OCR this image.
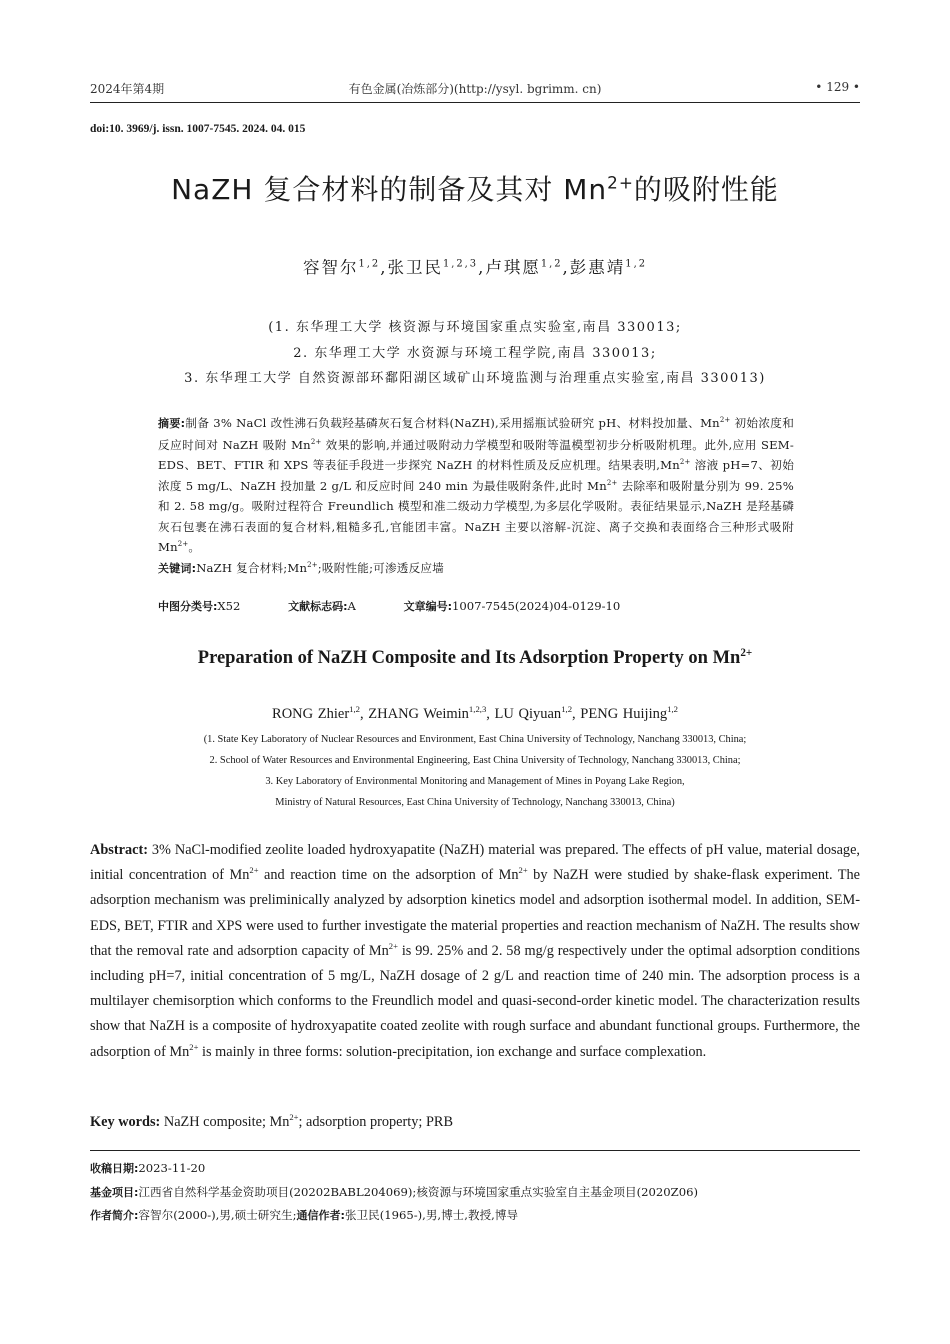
2024年第4期	有色金属(冶炼部分)(http://ysyl. bgrimm. cn)	• 129 •
doi:10. 3969/j. issn. 1007-7545. 2024. 04. 015
NaZH 复合材料的制备及其对 $Mn^{2+}$的吸附性能
容智尔$^{1,2}$,张卫民$^{1,2,3}$,卢琪愿$^{1,2}$,彭惠靖$^{1,2}$
(1. 东华理工大学 核资源与环境国家重点实验室,南昌 330013;
2. 东华理工大学 水资源与环境工程学院,南昌 330013;
3. 东华理工大学 自然资源部环鄱阳湖区域矿山环境监测与治理重点实验室,南昌 330013)
摘要:制备 3% NaCl 改性沸石负载羟基磷灰石复合材料(NaZH),采用摇瓶试验研究 pH、材料投加量、$Mn^{2+}$ 初始浓度和反应时间对 NaZH 吸附 $Mn^{2+}$ 效果的影响,并通过吸附动力学模型和吸附等温模型初步分析吸附机理。此外,应用 SEM-EDS、BET、FTIR 和 XPS 等表征手段进一步探究 NaZH 的材料性质及反应机理。结果表明$,Mn^{2+}$ 溶液 pH=7、初始浓度 5 mg/L、NaZH 投加量 2 g/L 和反应时间 240 min 为最佳吸附条件,此时 $Mn^{2+}$ 去除率和吸附量分别为 99. 25% 和 2. 58 mg/g。吸附过程符合 Freundlich 模型和准二级动力学模型,为多层化学吸附。表征结果显示,NaZH 是羟基磷灰石包裹在沸石表面的复合材料,粗糙多孔,官能团丰富。NaZH 主要以溶解-沉淀、离子交换和表面络合三种形式吸附 $Mn^{2+}$。
关键词:NaZH 复合材料$;Mn^{2+}$;吸附性能;可渗透反应墙
中图分类号:X52	文献标志码:A	文章编号:1007-7545(2024)04-0129-10
Preparation of NaZH Composite and Its Adsorption Property on $Mn^{2+}$
RONG Zhier$^{1,2}$, ZHANG Weimin$^{1,2,3}$, LU Qiyuan$^{1,2}$, PENG Huijing$^{1,2}$
(1. State Key Laboratory of Nuclear Resources and Environment, East China University of Technology, Nanchang 330013, China;
2. School of Water Resources and Environmental Engineering, East China University of Technology, Nanchang 330013, China;
3. Key Laboratory of Environmental Monitoring and Management of Mines in Poyang Lake Region,
Ministry of Natural Resources, East China University of Technology, Nanchang 330013, China)
Abstract: 3% NaCl-modified zeolite loaded hydroxyapatite (NaZH) material was prepared. The effects of pH value, material dosage, initial concentration of $Mn^{2+}$ and reaction time on the adsorption of $Mn^{2+}$ by NaZH were studied by shake-flask experiment. The adsorption mechanism was preliminically analyzed by adsorption kinetics model and adsorption isothermal model. In addition, SEM-EDS, BET, FTIR and XPS were used to further investigate the material properties and reaction mechanism of NaZH. The results show that the removal rate and adsorption capacity of $Mn^{2+}$ is 99. 25% and 2. 58 mg/g respectively under the optimal adsorption conditions including pH=7, initial concentration of 5 mg/L, NaZH dosage of 2 g/L and reaction time of 240 min. The adsorption process is a multilayer chemisorption which conforms to the Freundlich model and quasi-second-order kinetic model. The characterization results show that NaZH is a composite of hydroxyapatite coated zeolite with rough surface and abundant functional groups. Furthermore, the adsorption of $Mn^{2+}$ is mainly in three forms: solution-precipitation, ion exchange and surface complexation.
Key words: NaZH composite; $Mn^{2+}$; adsorption property; PRB
收稿日期:2023-11-20
基金项目:江西省自然科学基金资助项目(20202BABL204069);核资源与环境国家重点实验室自主基金项目(2020Z06)
作者简介:容智尔(2000-),男,硕士研究生;通信作者:张卫民(1965-),男,博士,教授,博导
